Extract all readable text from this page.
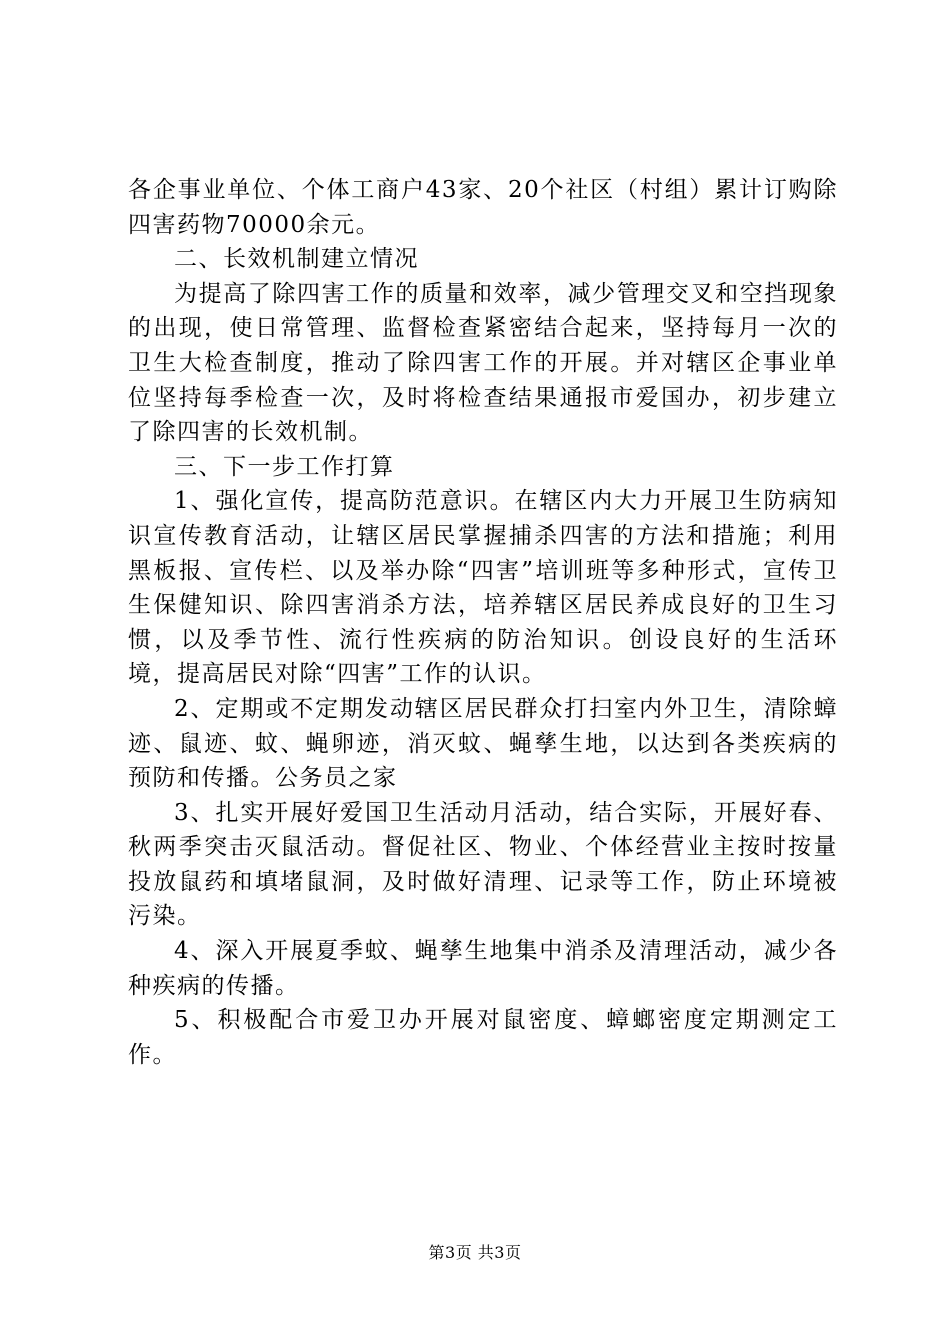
各企事业单位、个体工商户43家、20个社区（村组）累计订购除四害药物70000余元。

二、长效机制建立情况

为提高了除四害工作的质量和效率，减少管理交叉和空挡现象的出现，使日常管理、监督检查紧密结合起来，坚持每月一次的卫生大检查制度，推动了除四害工作的开展。并对辖区企事业单位坚持每季检查一次，及时将检查结果通报市爱国办，初步建立了除四害的长效机制。

三、下一步工作打算

1、强化宣传，提高防范意识。在辖区内大力开展卫生防病知识宣传教育活动，让辖区居民掌握捕杀四害的方法和措施；利用黑板报、宣传栏、以及举办除“四害”培训班等多种形式，宣传卫生保健知识、除四害消杀方法，培养辖区居民养成良好的卫生习惯，以及季节性、流行性疾病的防治知识。创设良好的生活环境，提高居民对除“四害”工作的认识。

2、定期或不定期发动辖区居民群众打扫室内外卫生，清除蟑迹、鼠迹、蚊、蝇卵迹，消灭蚊、蝇孳生地，以达到各类疾病的预防和传播。公务员之家

3、扎实开展好爱国卫生活动月活动，结合实际，开展好春、秋两季突击灭鼠活动。督促社区、物业、个体经营业主按时按量投放鼠药和填堵鼠洞，及时做好清理、记录等工作，防止环境被污染。

4、深入开展夏季蚊、蝇孳生地集中消杀及清理活动，减少各种疾病的传播。

5、积极配合市爱卫办开展对鼠密度、蟑螂密度定期测定工作。

第3页 共3页
